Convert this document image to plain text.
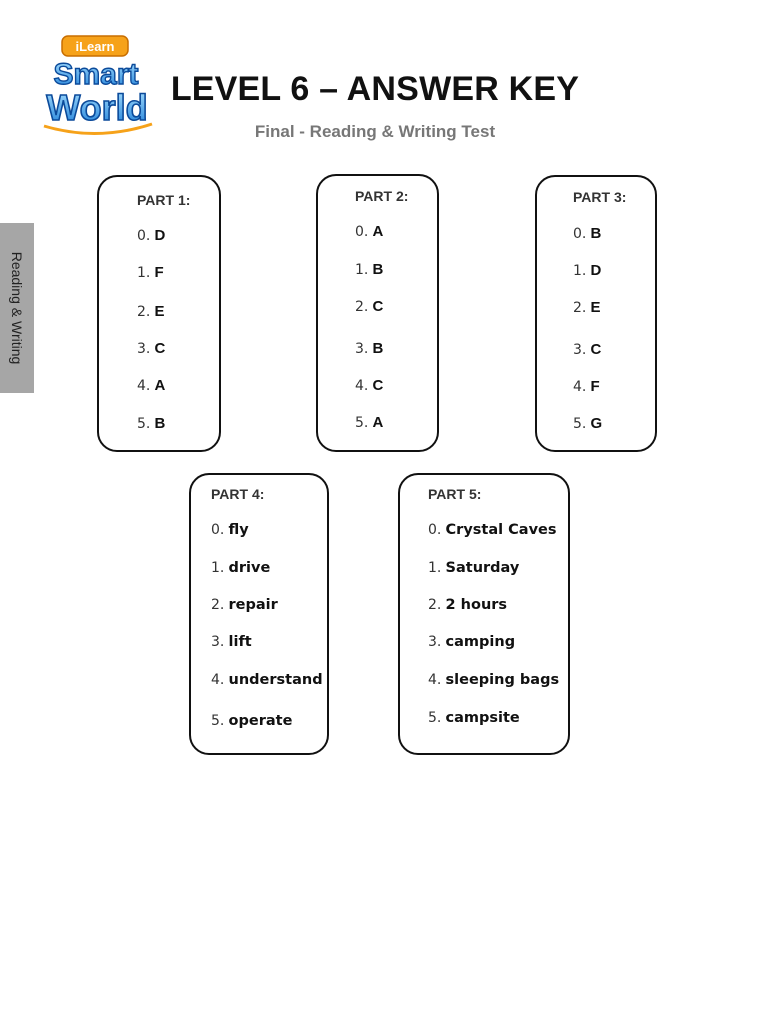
iLearn
Smart
World LEVEL 6 – ANSWER KEY
Final - Reading & Writing Test
Reading & Writing
PART 1:
0. D
1. F
2. E
3. C
4. A
5. B
PART 2:
0. A
1. B
2. C
3. B
4. C
5. A
PART 3:
0. B
1. D
2. E
3. C
4. F
5. G
PART 4:
0. fly
1. drive
2. repair
3. lift
4. understand
5. operate
PART 5:
0. Crystal Caves
1. Saturday
2. 2 hours
3. camping
4. sleeping bags
5. campsite
